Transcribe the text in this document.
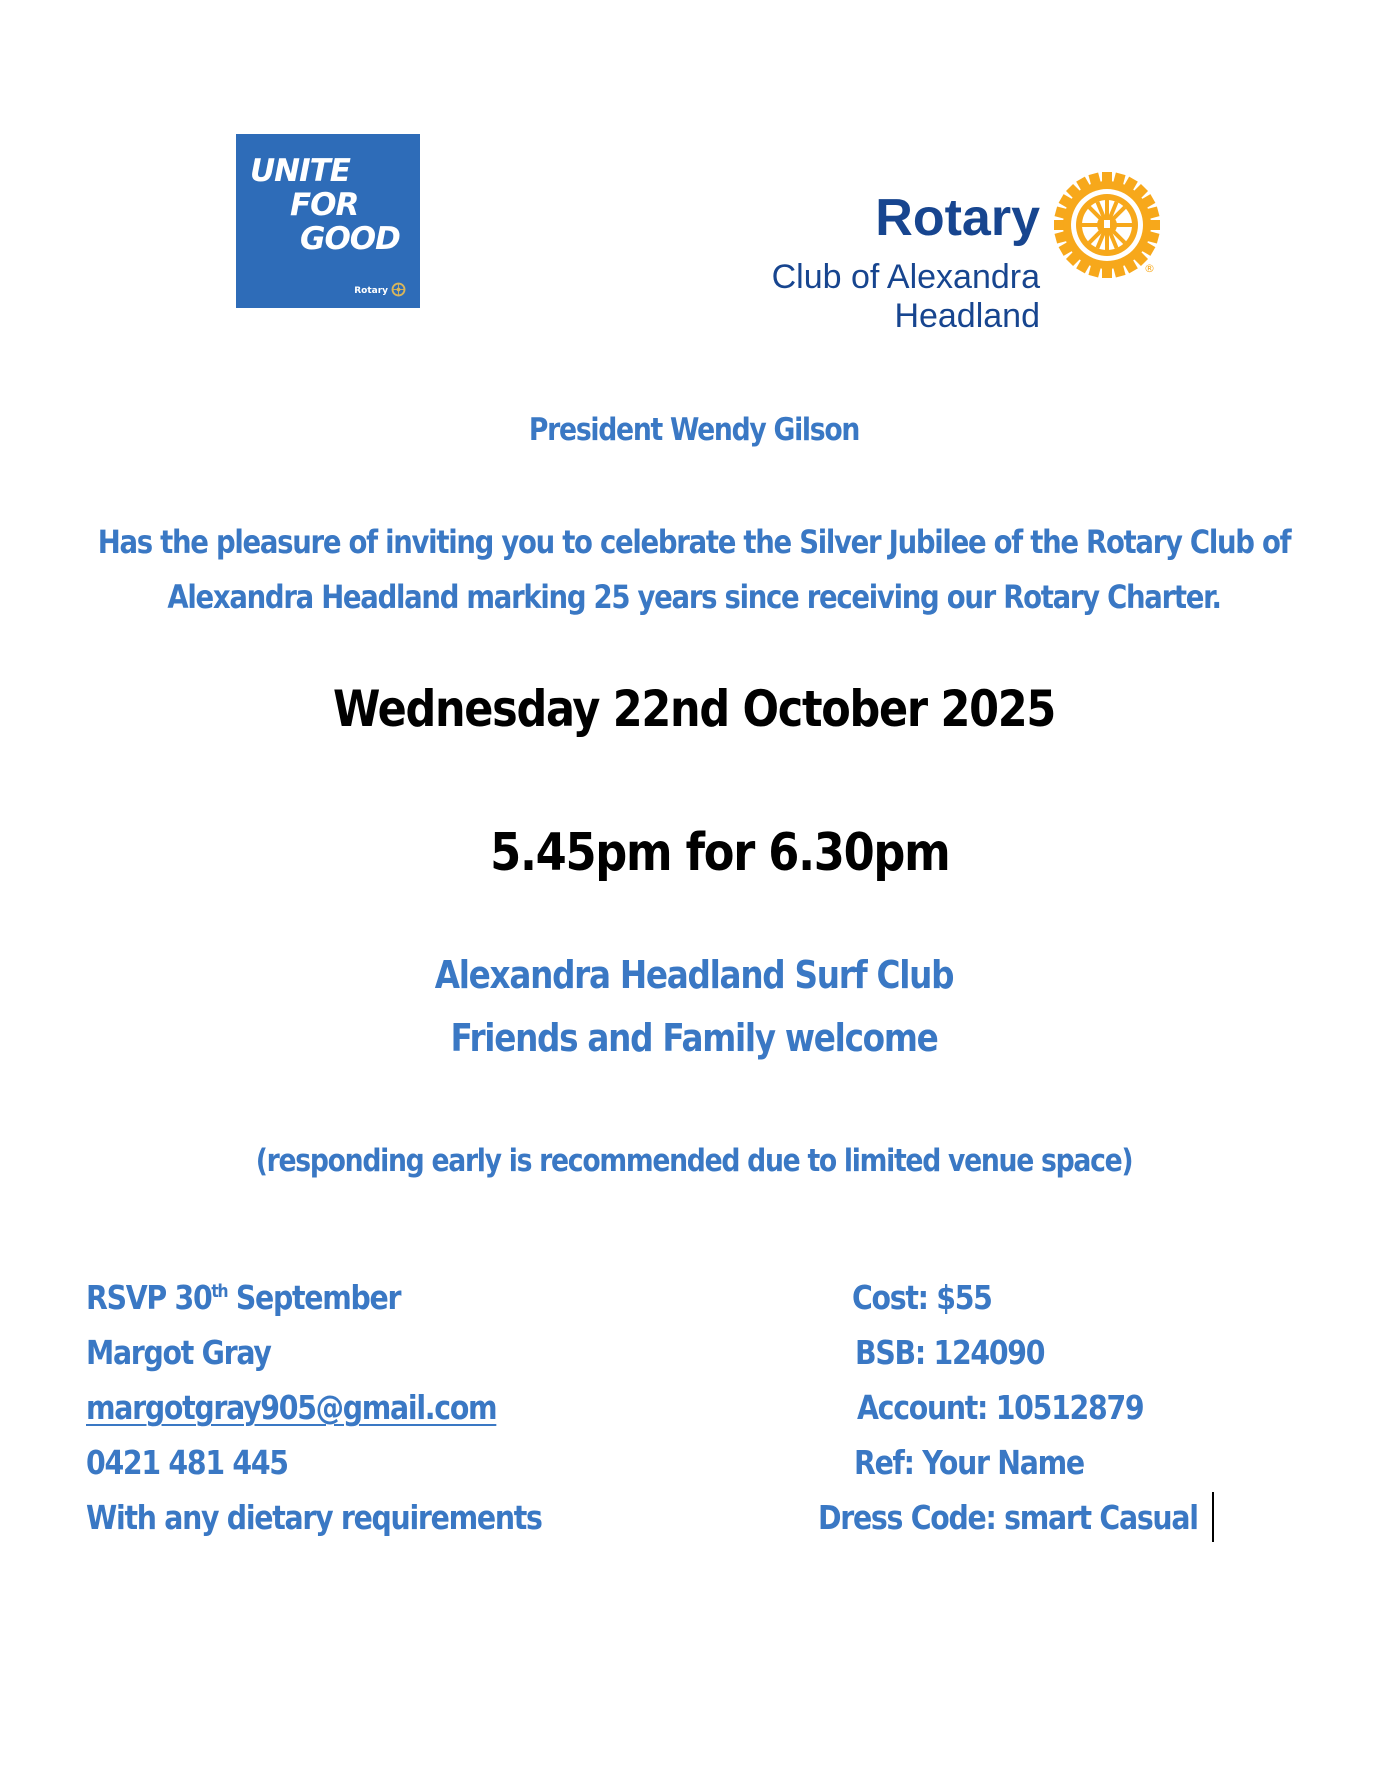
UNITE
FOR
GOOD
Rotary
Rotary
Club of Alexandra
Headland
®
President Wendy Gilson
Has the pleasure of inviting you to celebrate the Silver Jubilee of the Rotary Club of
Alexandra Headland marking 25 years since receiving our Rotary Charter.
Wednesday 22nd October 2025
5.45pm for 6.30pm
Alexandra Headland Surf Club
Friends and Family welcome
(responding early is recommended due to limited venue space)
RSVP 30th September
Margot Gray
margotgray905@gmail.com
0421 481 445
With any dietary requirements
Cost: $55
BSB: 124090
Account: 10512879
Ref: Your Name
Dress Code: smart Casual
